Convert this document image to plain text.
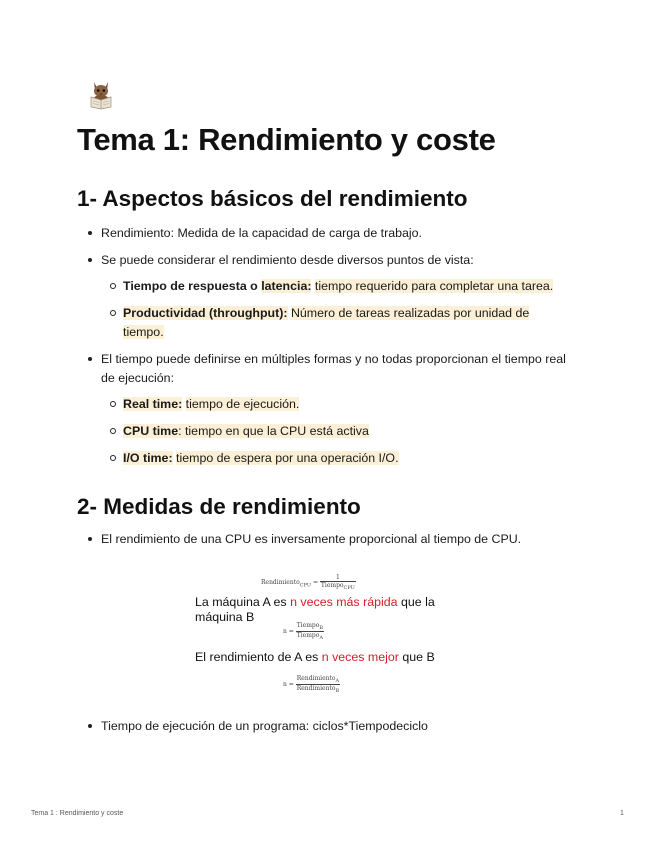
Tema 1: Rendimiento y coste
1- Aspectos básicos del rendimiento
Rendimiento: Medida de la capacidad de carga de trabajo.
Se puede considerar el rendimiento desde diversos puntos de vista:
Tiempo de respuesta o latencia: tiempo requerido para completar una tarea.
Productividad (throughput): Número de tareas realizadas por unidad de tiempo.
El tiempo puede definirse en múltiples formas y no todas proporcionan el tiempo real de ejecución:
Real time: tiempo de ejecución.
CPU time: tiempo en que la CPU está activa
I/O time: tiempo de espera por una operación I/O.
2- Medidas de rendimiento
El rendimiento de una CPU es inversamente proporcional al tiempo de CPU.
Rendimiento$_{CPU}$ = $\frac{1}{Tiempo_{CPU}}$
La máquina A es n veces más rápida que la máquina B
$n = \frac{Tiempo_B}{Tiempo_A}$
El rendimiento de A es n veces mejor que B
$n = \frac{Rendimiento_A}{Rendimiento_B}$
Tiempo de ejecución de un programa: ciclos*Tiempodeciclo
Tema 1 : Rendimiento y coste	1
